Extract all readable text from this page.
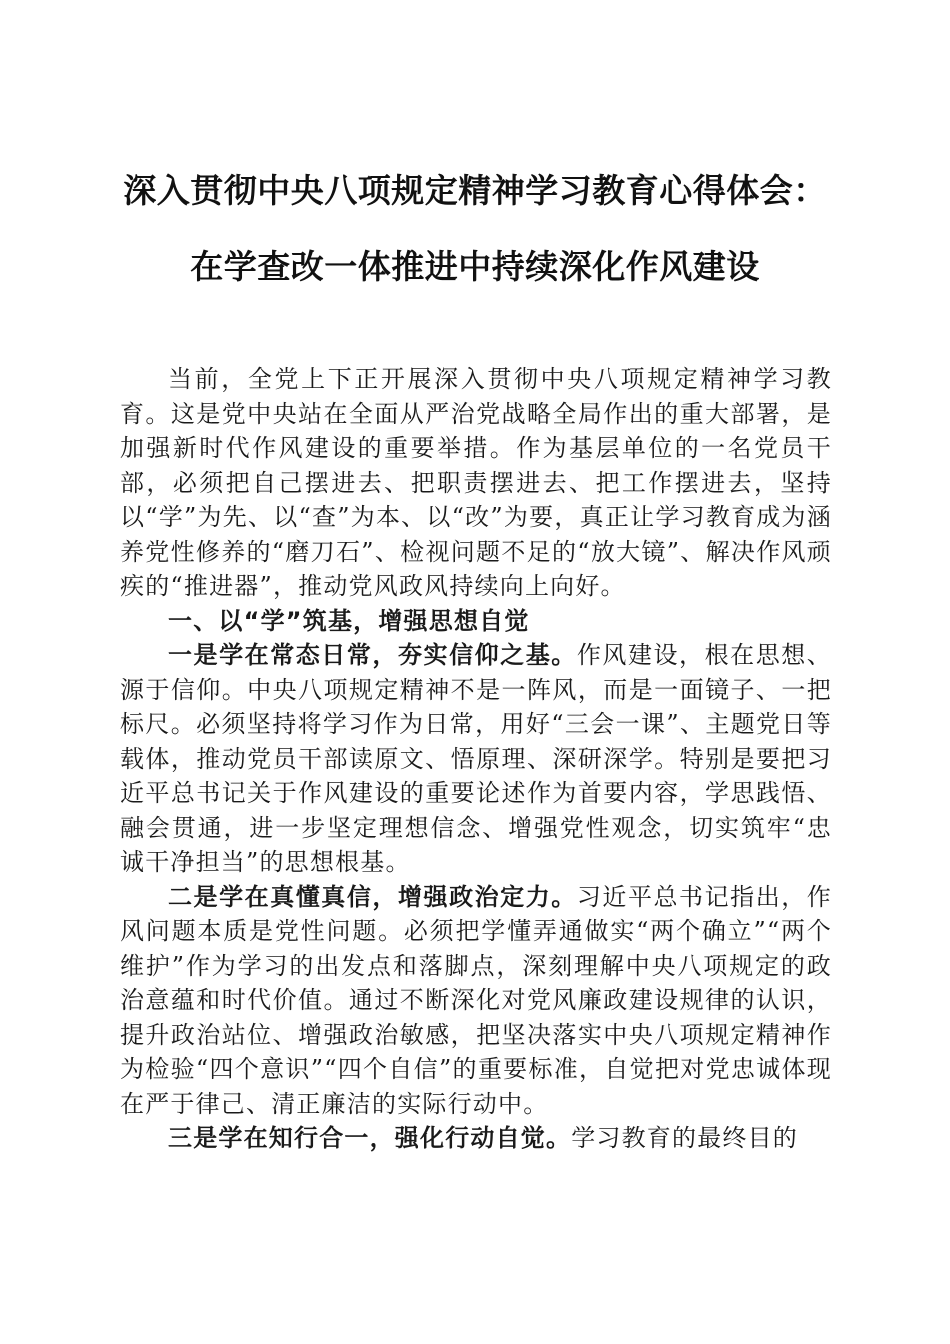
深入贯彻中央八项规定精神学习教育心得体会：
在学查改一体推进中持续深化作风建设

当前，全党上下正开展深入贯彻中央八项规定精神学习教育。这是党中央站在全面从严治党战略全局作出的重大部署，是加强新时代作风建设的重要举措。作为基层单位的一名党员干部，必须把自己摆进去、把职责摆进去、把工作摆进去，坚持以“学”为先、以“查”为本、以“改”为要，真正让学习教育成为涵养党性修养的“磨刀石”、检视问题不足的“放大镜”、解决作风顽疾的“推进器”，推动党风政风持续向上向好。

一、以“学”筑基，增强思想自觉

一是学在常态日常，夯实信仰之基。作风建设，根在思想、源于信仰。中央八项规定精神不是一阵风，而是一面镜子、一把标尺。必须坚持将学习作为日常，用好“三会一课”、主题党日等载体，推动党员干部读原文、悟原理、深研深学。特别是要把习近平总书记关于作风建设的重要论述作为首要内容，学思践悟、融会贯通，进一步坚定理想信念、增强党性观念，切实筑牢“忠诚干净担当”的思想根基。

二是学在真懂真信，增强政治定力。习近平总书记指出，作风问题本质是党性问题。必须把学懂弄通做实“两个确立”“两个维护”作为学习的出发点和落脚点，深刻理解中央八项规定的政治意蕴和时代价值。通过不断深化对党风廉政建设规律的认识，提升政治站位、增强政治敏感，把坚决落实中央八项规定精神作为检验“四个意识”“四个自信”的重要标准，自觉把对党忠诚体现在严于律己、清正廉洁的实际行动中。

三是学在知行合一，强化行动自觉。学习教育的最终目的
